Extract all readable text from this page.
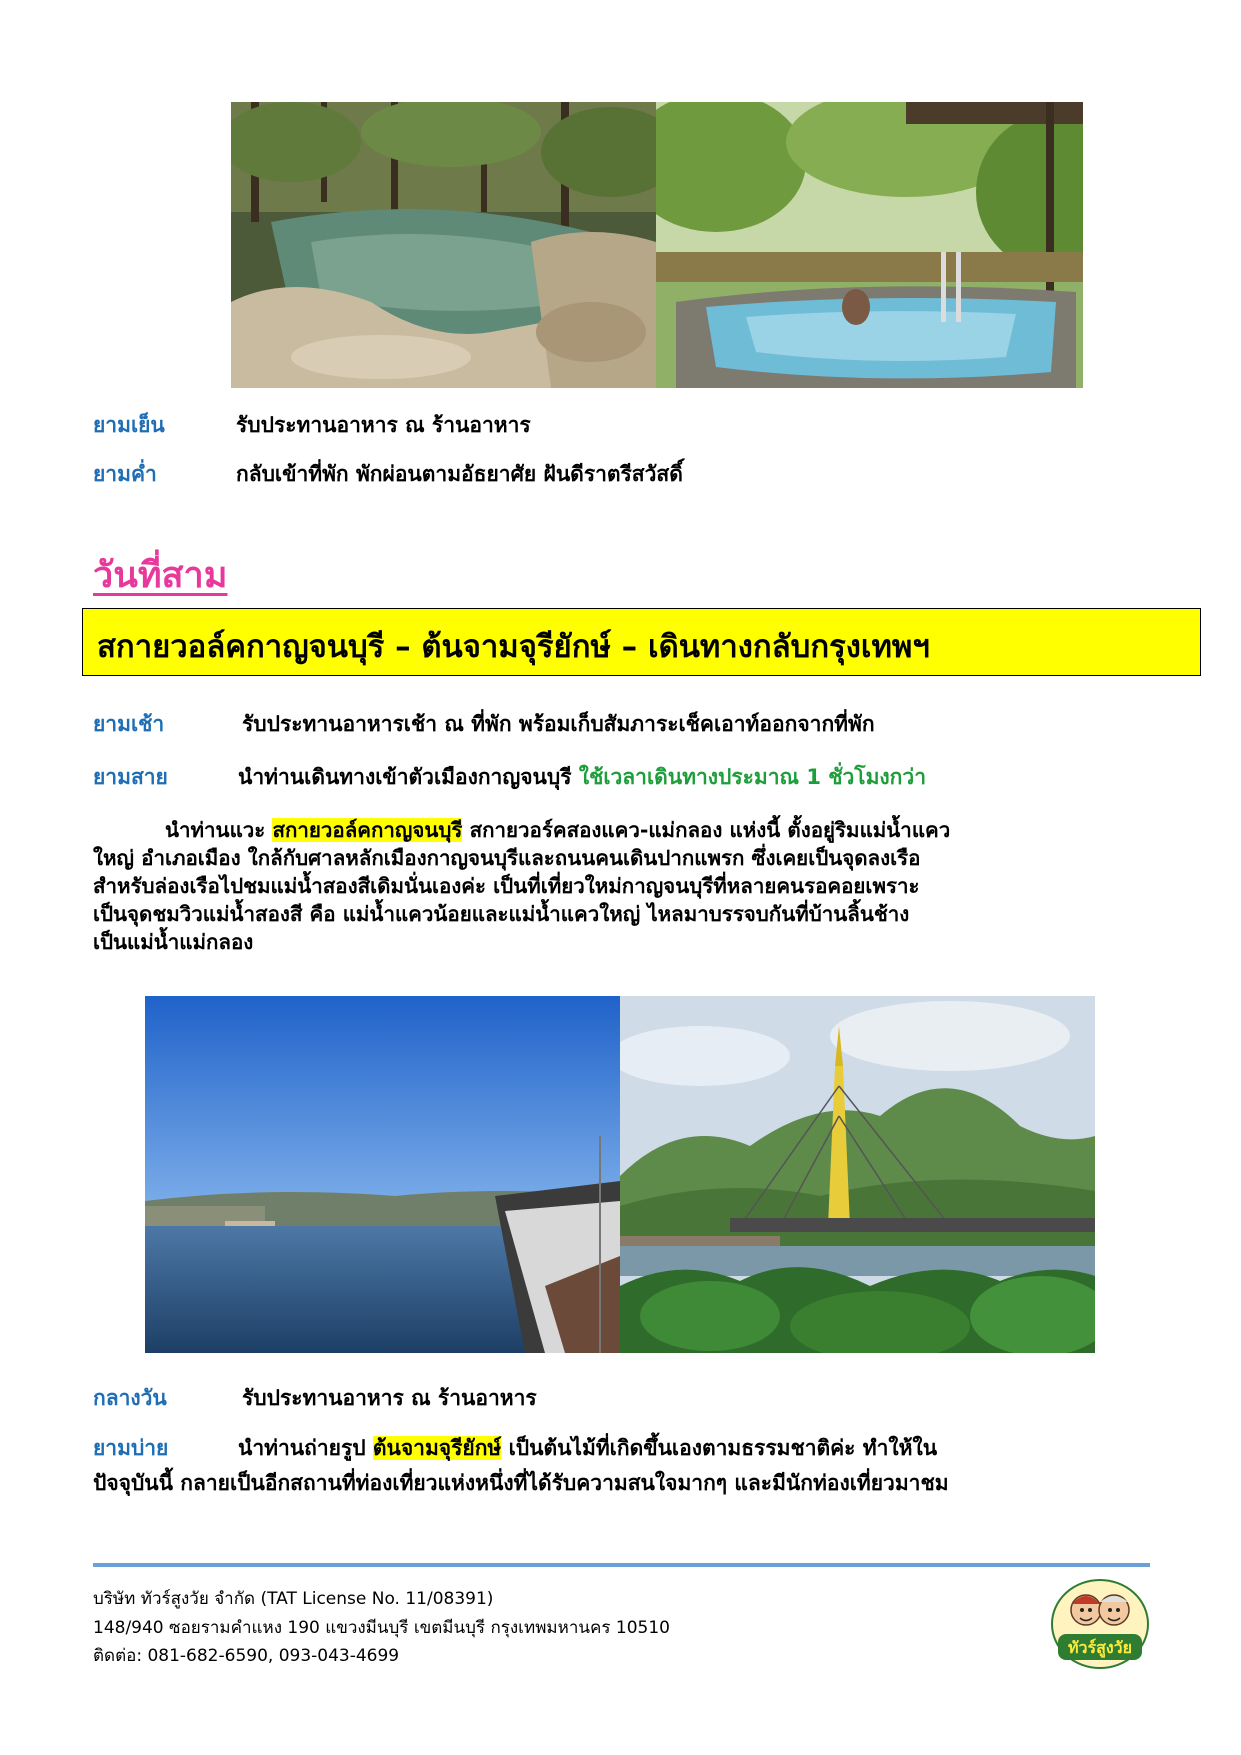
ยามเย็น	รับประทานอาหาร ณ ร้านอาหาร
ยามค่ำ	กลับเข้าที่พัก พักผ่อนตามอัธยาศัย ฝันดีราตรีสวัสดิ์
วันที่สาม
สกายวอล์คกาญจนบุรี – ต้นจามจุรียักษ์ – เดินทางกลับกรุงเทพฯ
ยามเช้า	รับประทานอาหารเช้า ณ ที่พัก พร้อมเก็บสัมภาระเช็คเอาท์ออกจากที่พัก
ยามสาย	นำท่านเดินทางเข้าตัวเมืองกาญจนบุรี ใช้เวลาเดินทางประมาณ 1 ชั่วโมงกว่า
นำท่านแวะ สกายวอล์คกาญจนบุรี สกายวอร์คสองแคว-แม่กลอง แห่งนี้ ตั้งอยู่ริมแม่น้ำแคว
ใหญ่ อำเภอเมือง ใกล้กับศาลหลักเมืองกาญจนบุรีและถนนคนเดินปากแพรก ซึ่งเคยเป็นจุดลงเรือ
สำหรับล่องเรือไปชมแม่น้ำสองสีเดิมนั่นเองค่ะ เป็นที่เที่ยวใหม่กาญจนบุรีที่หลายคนรอคอยเพราะ
เป็นจุดชมวิวแม่น้ำสองสี คือ แม่น้ำแควน้อยและแม่น้ำแควใหญ่ ไหลมาบรรจบกันที่บ้านลิ้นช้าง
เป็นแม่น้ำแม่กลอง
กลางวัน	รับประทานอาหาร ณ ร้านอาหาร
ยามบ่าย	นำท่านถ่ายรูป ต้นจามจุรียักษ์ เป็นต้นไม้ที่เกิดขึ้นเองตามธรรมชาติค่ะ ทำให้ใน
ปัจจุบันนี้ กลายเป็นอีกสถานที่ท่องเที่ยวแห่งหนึ่งที่ได้รับความสนใจมากๆ และมีนักท่องเที่ยวมาชม
บริษัท ทัวร์สูงวัย จำกัด (TAT License No. 11/08391)
148/940 ซอยรามคำแหง 190 แขวงมีนบุรี เขตมีนบุรี กรุงเทพมหานคร 10510
ติดต่อ: 081-682-6590, 093-043-4699	ทัวร์สูงวัย
